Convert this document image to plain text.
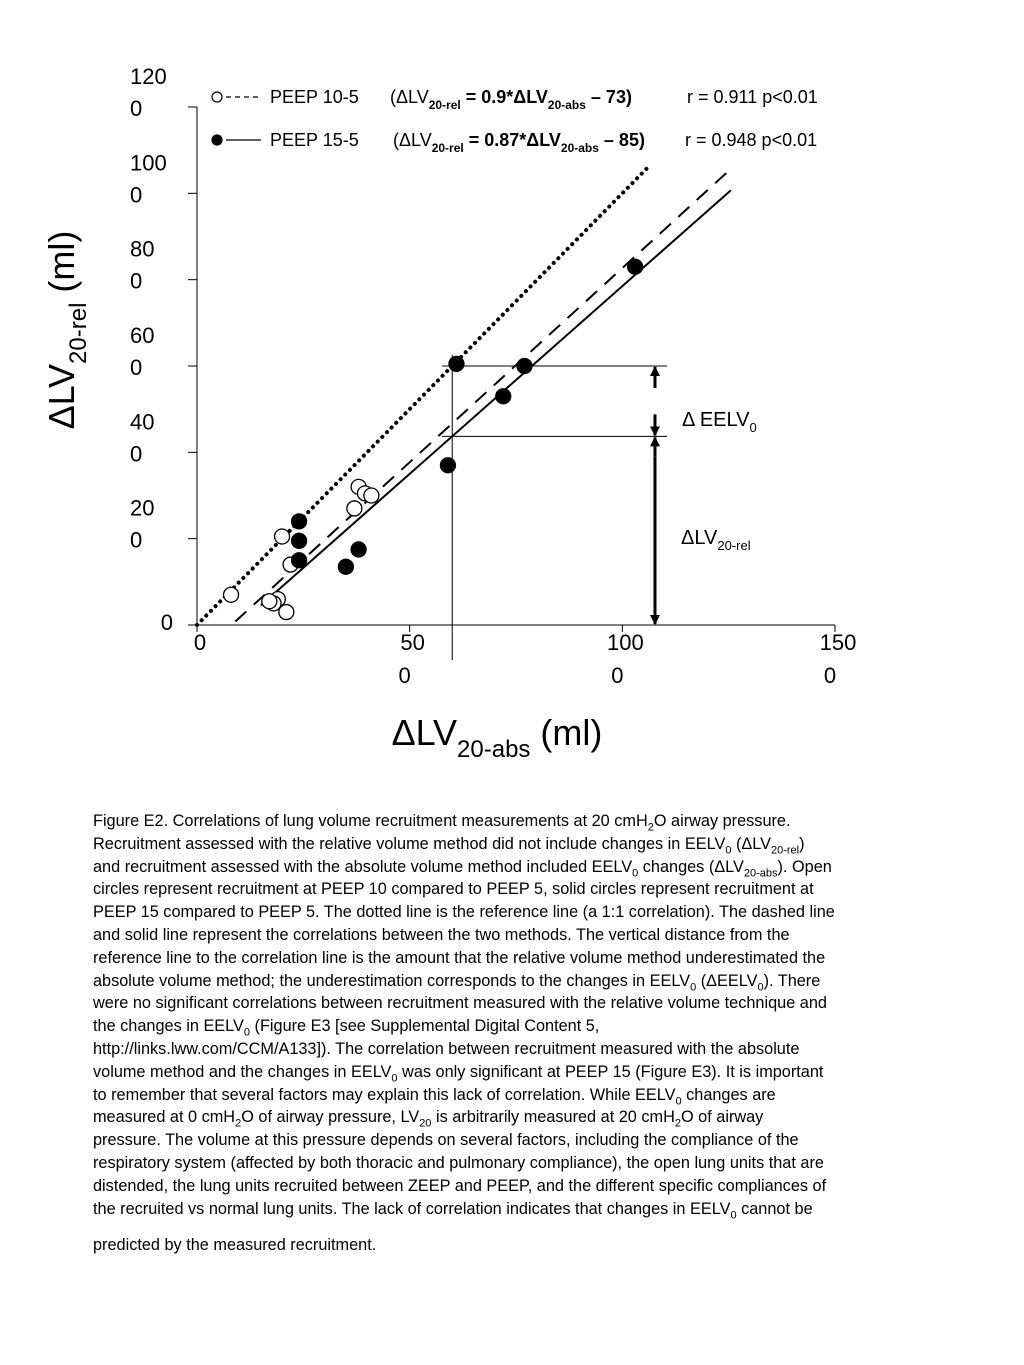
0
20
0
40
0
60
0
80
0
100
0
120
0
0	50
0
100
0
150
0
Δ $EELV_0$
$\Delta LV_{20-rel}$
PEEP 10-5 $(\Delta LV_{20-rel} = 0.9*\Delta LV_{20-abs} - 73)$	r = 0.911 p<0.01
PEEP 15-5 $(\Delta LV_{20-rel} = 0.87*\Delta LV_{20-abs} - 85) r = 0.948$ p<0.01
$\Delta LV_{20-abs}$ (ml)
$\Delta LV_{20-rel}$ (ml)
Figure E2. Correlations of lung volume recruitment measurements at 20 cmH$_2$O airway pressure.
Recruitment assessed with the relative volume method did not include changes in $EELV_0$ $(\Delta LV_{20-rel})$
and recruitment assessed with the absolute volume method included $EELV_0$ changes $(\Delta LV_{20-abs})$. Open
circles represent recruitment at PEEP 10 compared to PEEP 5, solid circles represent recruitment at
PEEP 15 compared to PEEP 5. The dotted line is the reference line (a 1:1 correlation). The dashed line
and solid line represent the correlations between the two methods. The vertical distance from the
reference line to the correlation line is the amount that the relative volume method underestimated the
absolute volume method; the underestimation corresponds to the changes in $EELV_0$ $(\Delta EELV_0)$. There
were no significant correlations between recruitment measured with the relative volume technique and
the changes in $EELV_0$ (Figure E3 [see Supplemental Digital Content 5,
http://links.lww.com/CCM/A133]). The correlation between recruitment measured with the absolute
volume method and the changes in $EELV_0$ was only significant at PEEP 15 (Figure E3). It is important
to remember that several factors may explain this lack of correlation. While $EELV_0$ changes are
measured at 0 cmH$_2$O of airway pressure, $LV_{20}$ is arbitrarily measured at 20 cmH$_2$O of airway
pressure. The volume at this pressure depends on several factors, including the compliance of the
respiratory system (affected by both thoracic and pulmonary compliance), the open lung units that are
distended, the lung units recruited between ZEEP and PEEP, and the different specific compliances of
the recruited vs normal lung units. The lack of correlation indicates that changes in $EELV_0$ cannot be
predicted by the measured recruitment.
